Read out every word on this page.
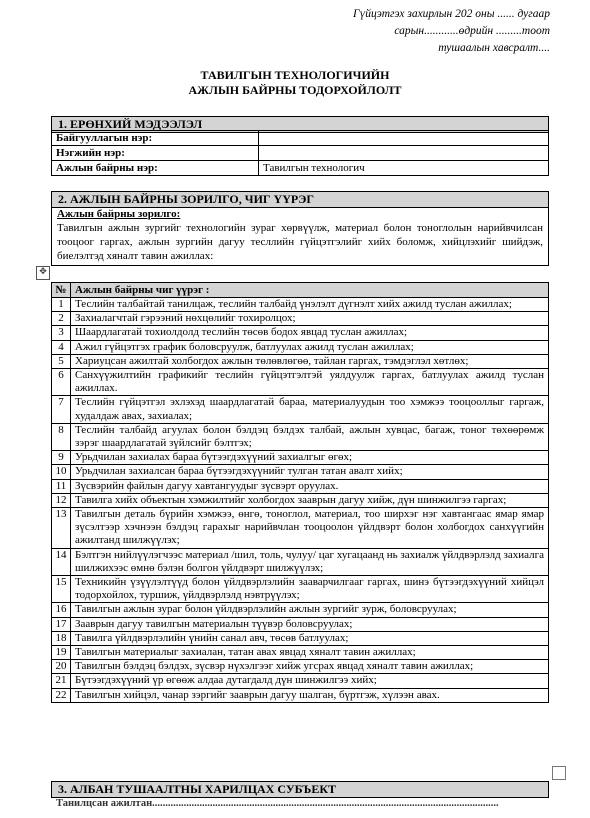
Гүйцэтгэх захирлын 202 оны ...... дугаар
сарын............өдрийн .........тоот
тушаалын хавсралт....
ТАВИЛГЫН ТЕХНОЛОГИЧИЙН
АЖЛЫН БАЙРНЫ ТОДОРХОЙЛОЛТ
1. ЕРӨНХИЙ МЭДЭЭЛЭЛ
Байгууллагын нэр:	
Нэгжийн нэр:	
Ажлын байрны нэр:	Тавилгын технологич
2. АЖЛЫН БАЙРНЫ ЗОРИЛГО, ЧИГ ҮҮРЭГ
Ажлын байрны зорилго:
Тавилгын ажлын зургийг технологийн зураг хөрвүүлж, материал болон тоноглолын нарийвчилсан тооцоог гаргах, ажлын зургийн дагуу тесллийн гүйцэтгэлийг хийх боломж, хийцлэхийг шийдэж, биелэлтэд хяналт тавин ажиллах:
✥
№	Ажлын байрны чиг үүрэг :
1	Теслийн талбайтай танилцаж, теслийн талбайд үнэлэлт дүгнэлт хийх ажилд туслан ажиллах;
2	Захиалагчтай гэрээний нөхцөлийг тохиролцох;
3	Шаардлагатай тохиолдолд теслийн төсөв бодох явцад туслан ажиллах;
4	Ажил гүйцэтгэх график боловсруулж, батлуулах ажилд туслан ажиллах;
5	Хариуцсан ажилтай холбогдох ажлын төлөвлөгөө, тайлан гаргах, тэмдэглэл хөтлөх;
6	Санхүүжилтийн графикийг теслийн гүйцэтгэлтэй уялдуулж гаргах, батлуулах ажилд туслан ажиллах.
7	Теслийн гүйцэтгэл эхлэхэд шаардлагатай бараа, материалуудын тоо хэмжээ тооцооллыг гаргаж, худалдаж авах, захиалах;
8	Теслийн талбайд агуулах болон бэлдэц бэлдэх талбай, ажлын хувцас, багаж, тоног төхөөрөмж зэрэг шаардлагатай зүйлсийг бэлтгэх;
9	Урьдчилан захиалах бараа бүтээгдэхүүний захиалгыг өгөх;
10	Урьдчилан захиалсан бараа бүтээгдэхүүнийг тулган татан авалт хийх;
11	Зүсвэрийн файлын дагуу хавтангуудыг зүсвэрт оруулах.
12	Тавилга хийх объектын хэмжилтийг холбогдох зааврын дагуу хийж, дүн шинжилгээ гаргах;
13	Тавилгын деталь бүрийн хэмжээ, өнгө, тоноглол, материал, тоо ширхэг нэг хавтангаас ямар ямар зүсэлтээр хэчнээн бэлдэц гарахыг нарийвчлан тооцоолон үйлдвэрт болон холбогдох санхүүгийн ажилтанд шилжүүлэх;
14	Бэлтгэн нийлүүлэгчээс материал /шил, толь, чулуу/ цаг хугацаанд нь захиалж үйлдвэрлэлд захиалга шилжихээс өмнө бэлэн болгон үйлдвэрт шилжүүлэх;
15	Техникийн үзүүлэлтүүд болон үйлдвэрлэлийн зааварчилгааг гаргах, шинэ бүтээгдэхүүний хийцэл тодорхойлох, туршиж, үйлдвэрлэлд нэвтрүүлэх;
16	Тавилгын ажлын зураг болон үйлдвэрлэлийн ажлын зургийг зурж, боловсруулах;
17	Зааврын дагуу тавилгын материалын түүвэр боловсруулах;
18	Тавилга үйлдвэрлэлийн үнийн санал авч, төсөв батлуулах;
19	Тавилгын материалыг захиалан, татан авах явцад хяналт тавин ажиллах;
20	Тавилгын бэлдэц бэлдэх, зүсвэр нүхэлгээг хийж угсрах явцад хяналт тавин ажиллах;
21	Бүтээгдэхүүний үр өгөөж алдаа дутагдалд дүн шинжилгээ хийх;
22	Тавилгын хийцэл, чанар зэргийг зааврын дагуу шалган, бүртгэж, хүлээн авах.
3. АЛБАН ТУШААЛТНЫ ХАРИЛЦАХ СУБЪЕКТ
Танилцсан ажилтан....................................................................................................................................
